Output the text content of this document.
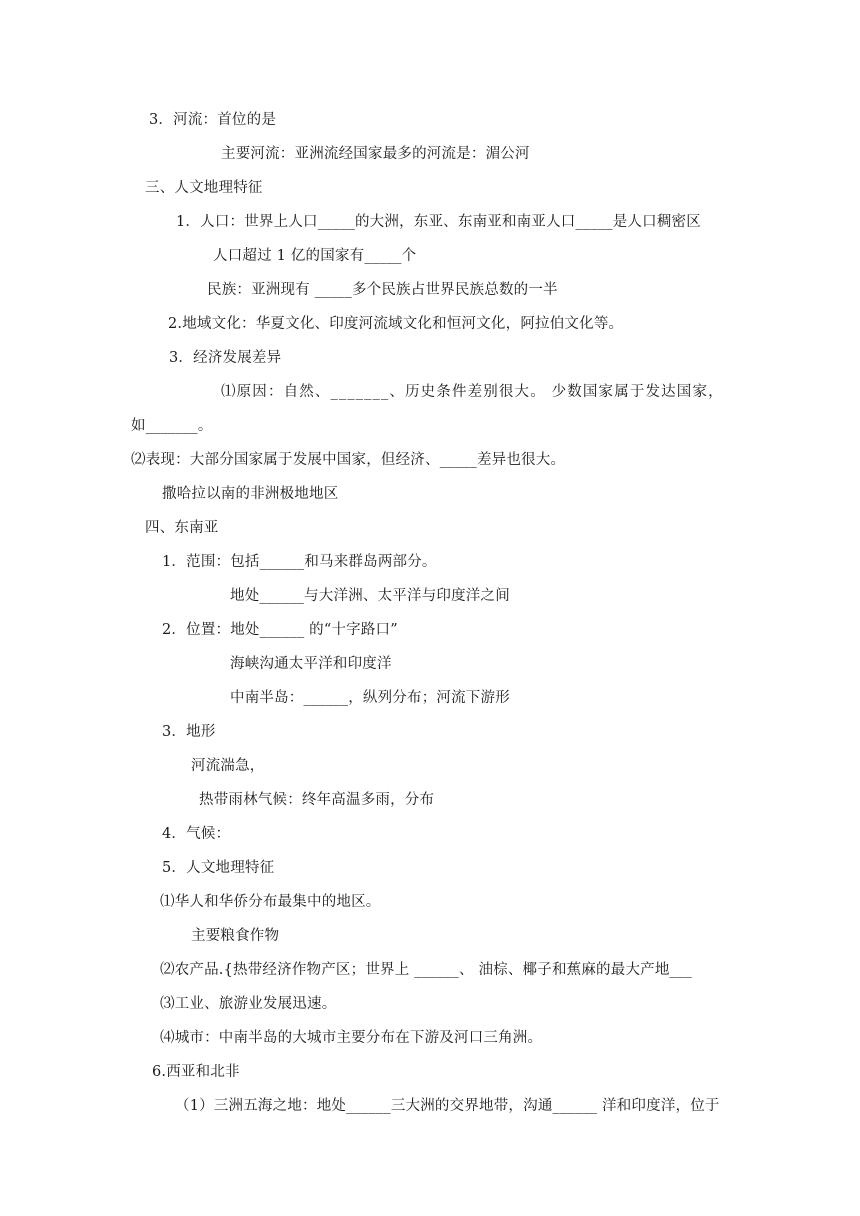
3．河流：首位的是
主要河流：亚洲流经国家最多的河流是：湄公河
三、人文地理特征
1．人口：世界上人口_____的大洲，东亚、东南亚和南亚人口_____是人口稠密区
人口超过 1 亿的国家有_____个
民族：亚洲现有 _____多个民族占世界民族总数的一半
2.地域文化：华夏文化、印度河流域文化和恒河文化，阿拉伯文化等。
3．经济发展差异
⑴原因：自然、_______、历史条件差别很大。 少数国家属于发达国家，
如_______。
⑵表现：大部分国家属于发展中国家，但经济、_____差异也很大。
撒哈拉以南的非洲极地地区
四、东南亚
1．范围：包括______和马来群岛两部分。
地处______与大洋洲、太平洋与印度洋之间
2．位置：地处______ 的“十字路口”
海峡沟通太平洋和印度洋
中南半岛：______，纵列分布；河流下游形
3．地形
河流湍急，
热带雨林气候：终年高温多雨，分布
4．气候：
5．人文地理特征
⑴华人和华侨分布最集中的地区。
主要粮食作物
⑵农产品.{热带经济作物产区；世界上 ______、 油棕、椰子和蕉麻的最大产地___
⑶工业、旅游业发展迅速。
⑷城市：中南半岛的大城市主要分布在下游及河口三角洲。
6.西亚和北非
（1）三洲五海之地：地处______三大洲的交界地带，沟通______ 洋和印度洋，位于
